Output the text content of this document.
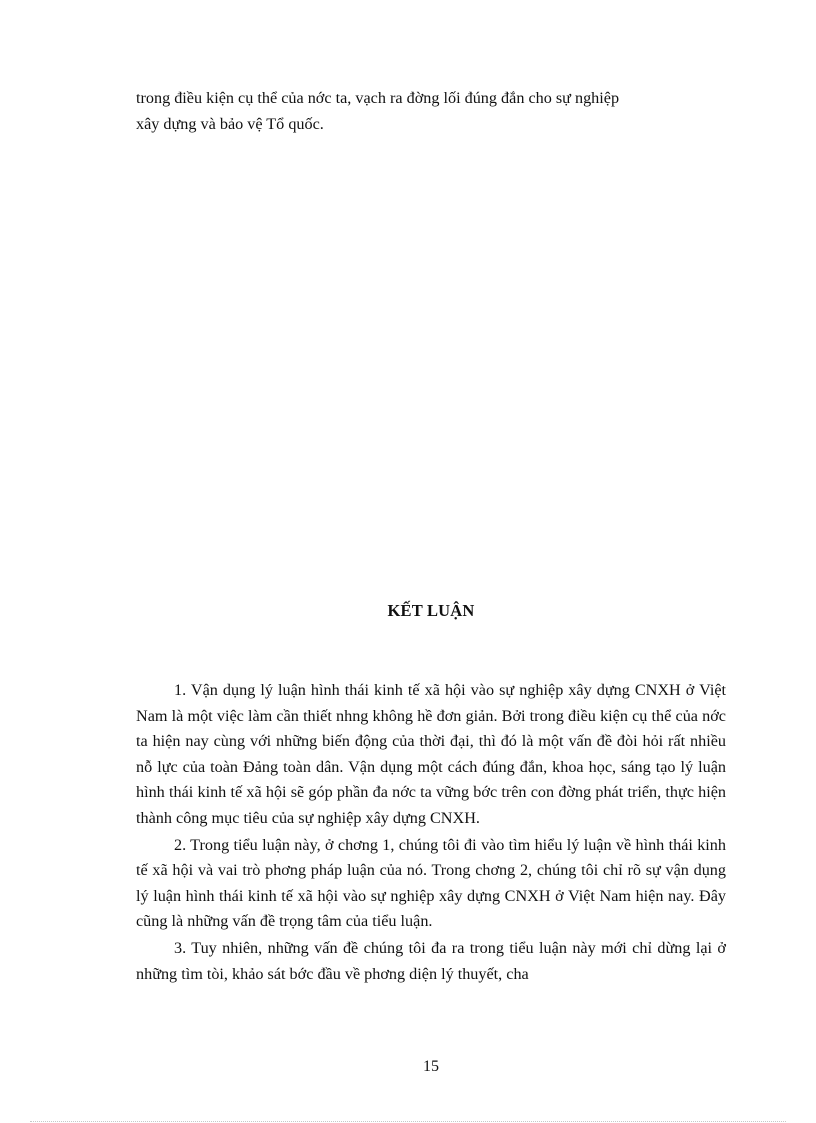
trong điều kiện cụ thể của nớc ta, vạch ra đờng lối đúng đắn cho sự nghiệp
xây dựng và bảo vệ Tổ quốc.
KẾT LUẬN
1. Vận dụng lý luận hình thái kinh tế xã hội vào sự nghiệp xây dựng CNXH ở Việt Nam là một việc làm cần thiết nhng không hề đơn giản. Bởi trong điều kiện cụ thể của nớc ta hiện nay cùng với những biến động của thời đại, thì đó là một vấn đề đòi hỏi rất nhiều nỗ lực của toàn Đảng toàn dân. Vận dụng một cách đúng đắn, khoa học, sáng tạo lý luận hình thái kinh tế xã hội sẽ góp phần đa nớc ta vững bớc trên con đờng phát triển, thực hiện thành công mục tiêu của sự nghiệp xây dựng CNXH.
2. Trong tiểu luận này, ở chơng 1, chúng tôi đi vào tìm hiểu lý luận về hình thái kinh tế xã hội và vai trò phơng pháp luận của nó. Trong chơng 2, chúng tôi chỉ rõ sự vận dụng lý luận hình thái kinh tế xã hội vào sự nghiệp xây dựng CNXH ở Việt Nam hiện nay. Đây cũng là những vấn đề trọng tâm của tiểu luận.
3. Tuy nhiên, những vấn đề chúng tôi đa ra trong tiểu luận này mới chỉ dừng lại ở những tìm tòi, khảo sát bớc đầu về phơng diện lý thuyết, cha
15
